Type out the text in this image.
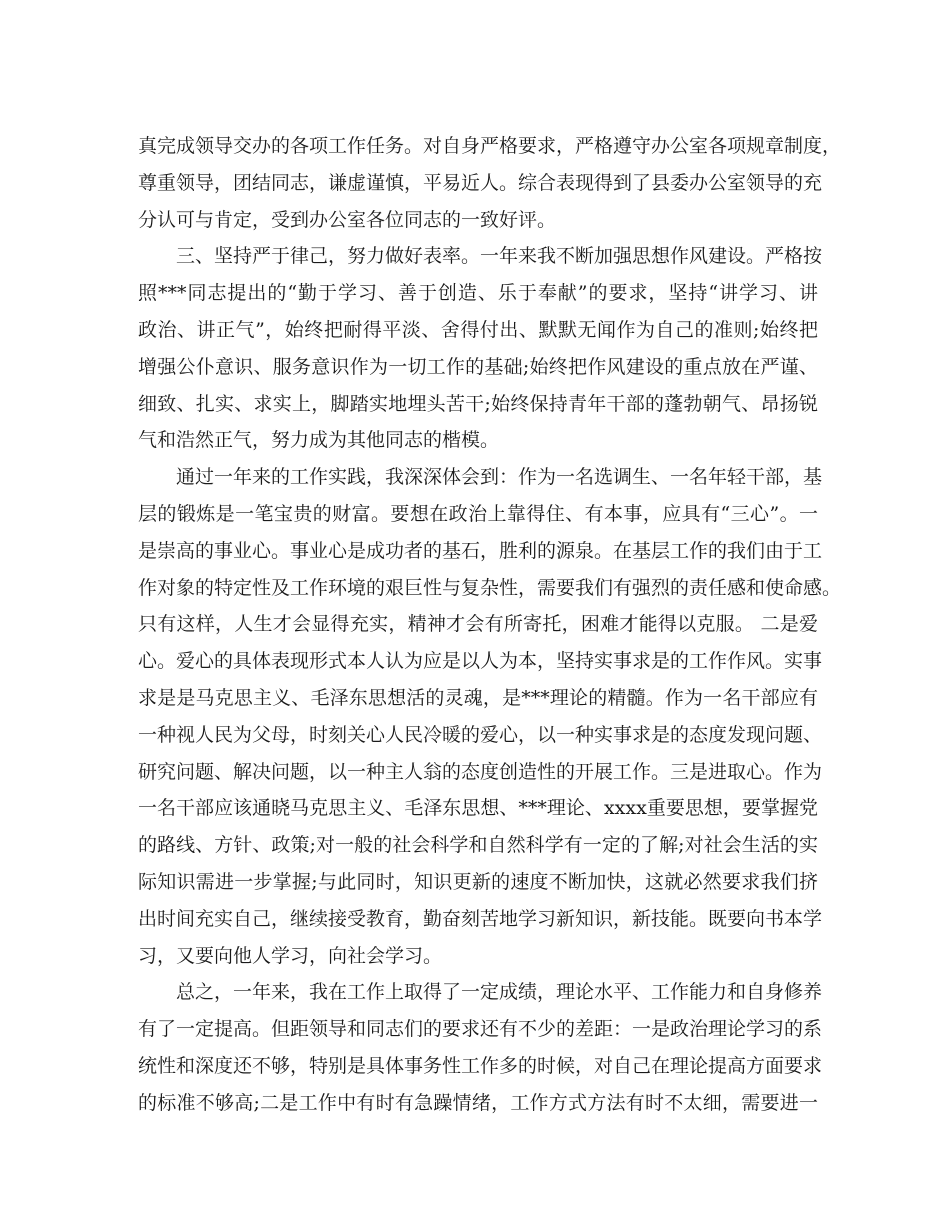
真完成领导交办的各项工作任务。对自身严格要求，严格遵守办公室各项规章制度，
尊重领导，团结同志，谦虚谨慎，平易近人。综合表现得到了县委办公室领导的充
分认可与肯定，受到办公室各位同志的一致好评。
三、坚持严于律己，努力做好表率。一年来我不断加强思想作风建设。严格按
照***同志提出的“勤于学习、善于创造、乐于奉献”的要求，坚持“讲学习、讲
政治、讲正气”，始终把耐得平淡、舍得付出、默默无闻作为自己的准则;始终把
增强公仆意识、服务意识作为一切工作的基础;始终把作风建设的重点放在严谨、
细致、扎实、求实上，脚踏实地埋头苦干;始终保持青年干部的蓬勃朝气、昂扬锐
气和浩然正气，努力成为其他同志的楷模。
通过一年来的工作实践，我深深体会到：作为一名选调生、一名年轻干部，基
层的锻炼是一笔宝贵的财富。要想在政治上靠得住、有本事，应具有“三心”。一
是崇高的事业心。事业心是成功者的基石，胜利的源泉。在基层工作的我们由于工
作对象的特定性及工作环境的艰巨性与复杂性，需要我们有强烈的责任感和使命感。
只有这样，人生才会显得充实，精神才会有所寄托，困难才能得以克服。 二是爱
心。爱心的具体表现形式本人认为应是以人为本，坚持实事求是的工作作风。实事
求是是马克思主义、毛泽东思想活的灵魂，是***理论的精髓。作为一名干部应有
一种视人民为父母，时刻关心人民冷暖的爱心，以一种实事求是的态度发现问题、
研究问题、解决问题，以一种主人翁的态度创造性的开展工作。三是进取心。作为
一名干部应该通晓马克思主义、毛泽东思想、***理论、xxxx重要思想，要掌握党
的路线、方针、政策;对一般的社会科学和自然科学有一定的了解;对社会生活的实
际知识需进一步掌握;与此同时，知识更新的速度不断加快，这就必然要求我们挤
出时间充实自己，继续接受教育，勤奋刻苦地学习新知识，新技能。既要向书本学
习，又要向他人学习，向社会学习。
总之，一年来，我在工作上取得了一定成绩，理论水平、工作能力和自身修养
有了一定提高。但距领导和同志们的要求还有不少的差距：一是政治理论学习的系
统性和深度还不够，特别是具体事务性工作多的时候，对自己在理论提高方面要求
的标准不够高;二是工作中有时有急躁情绪，工作方式方法有时不太细，需要进一
